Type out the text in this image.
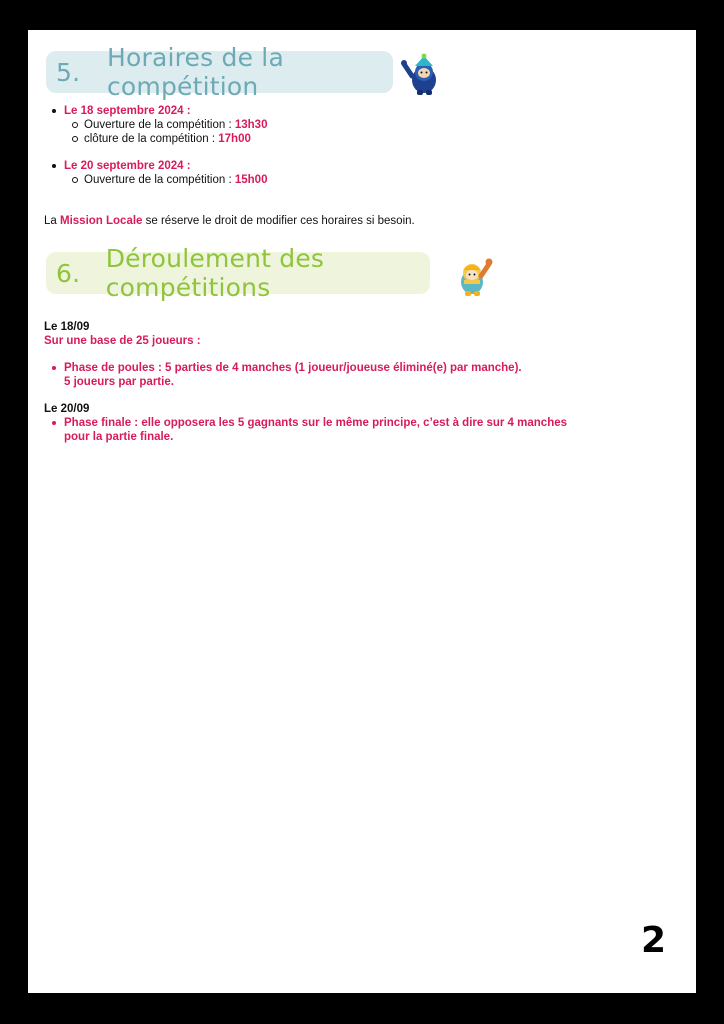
5.	Horaires de la compétition
Le 18 septembre 2024 :
Ouverture de la compétition : 13h30
clôture de la compétition : 17h00
Le 20 septembre 2024 :
Ouverture de la compétition : 15h00
La Mission Locale se réserve le droit de modifier ces horaires si besoin.
6.	Déroulement des compétitions
Le 18/09
Sur une base de 25 joueurs :
Phase de poules : 5 parties de 4 manches (1 joueur/joueuse éliminé(e) par manche).
5 joueurs par partie.
Le 20/09
Phase finale : elle opposera les 5 gagnants sur le même principe, c’est à dire sur 4 manches
pour la partie finale.
2
